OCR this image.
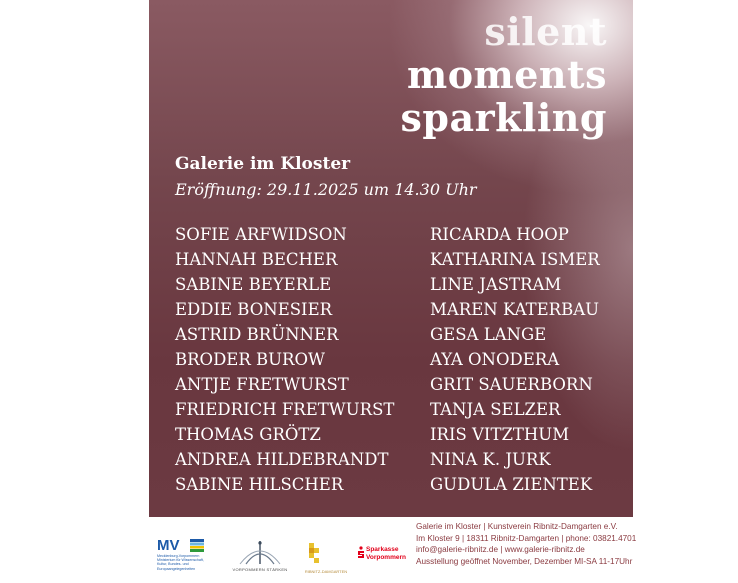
silent
moments
sparkling
Galerie im Kloster
Eröffnung: 29.11.2025 um 14.30 Uhr
SOFIE ARFWIDSON
HANNAH BECHER
SABINE BEYERLE
EDDIE BONESIER
ASTRID BRÜNNER
BRODER BUROW
ANTJE FRETWURST
FRIEDRICH FRETWURST
THOMAS GRÖTZ
ANDREA HILDEBRANDT
SABINE HILSCHER
RICARDA HOOP
KATHARINA ISMER
LINE JASTRAM
MAREN KATERBAU
GESA LANGE
AYA ONODERA
GRIT SAUERBORN
TANJA SELZER
IRIS VITZTHUM
NINA K. JURK
GUDULA ZIENTEK
MV
Mecklenburg-Vorpommern
Ministerium für Wissenschaft,
Kultur, Bundes- und
Europaangelegenheiten	VORPOMMERN STÄRKEN	RIBNITZ-DAMGARTEN
Sparkasse
Vorpommern
Galerie im Kloster | Kunstverein Ribnitz-Damgarten e.V.
Im Kloster 9 | 18311 Ribnitz-Damgarten | phone: 03821.4701
info@galerie-ribnitz.de | www.galerie-ribnitz.de
Ausstellung geöffnet November, Dezember MI-SA 11-17Uhr
